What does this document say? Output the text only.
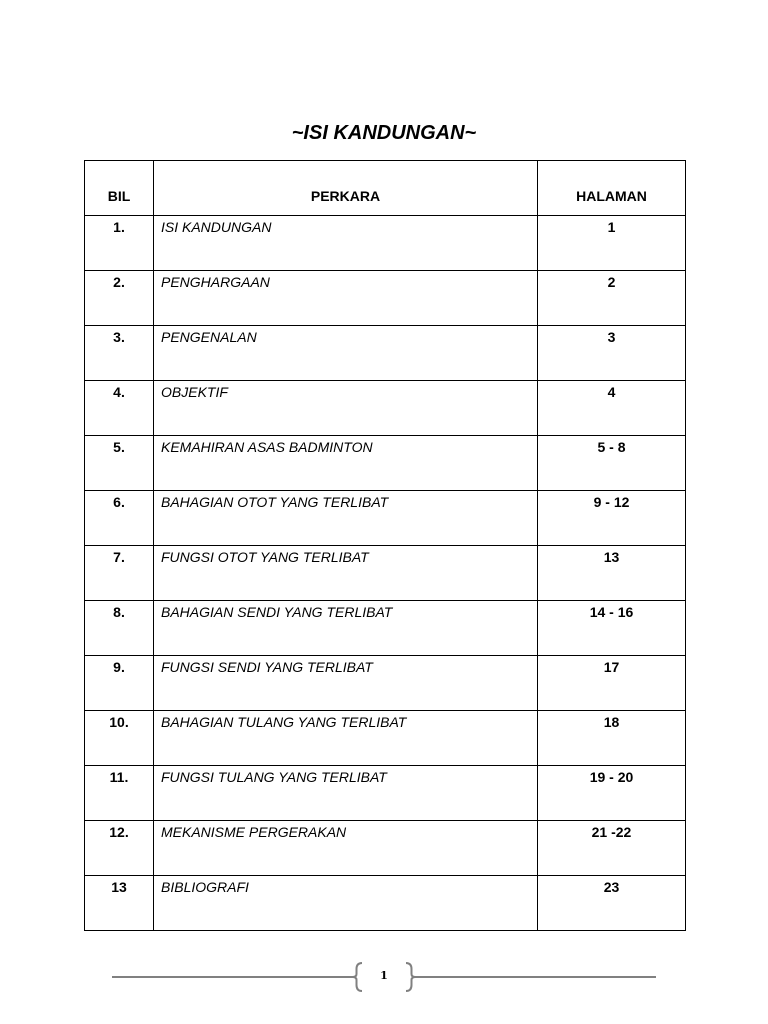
~ISI KANDUNGAN~
BIL	PERKARA	HALAMAN
1.	ISI KANDUNGAN	1
2.	PENGHARGAAN	2
3.	PENGENALAN	3
4.	OBJEKTIF	4
5.	KEMAHIRAN ASAS BADMINTON	5 - 8
6.	BAHAGIAN OTOT YANG TERLIBAT	9 - 12
7.	FUNGSI OTOT YANG TERLIBAT	13
8.	BAHAGIAN SENDI YANG TERLIBAT	14 - 16
9.	FUNGSI SENDI YANG TERLIBAT	17
10.	BAHAGIAN TULANG YANG TERLIBAT	18
11.	FUNGSI TULANG YANG TERLIBAT	19 - 20
12.	MEKANISME PERGERAKAN	21 -22
13	BIBLIOGRAFI	23
1
